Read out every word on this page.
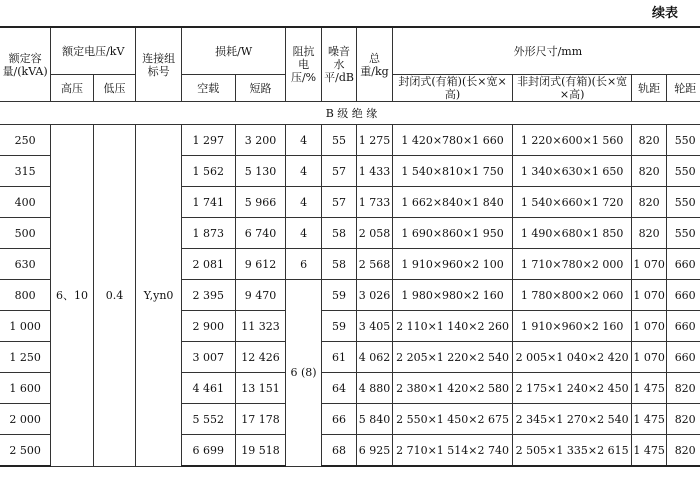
续表
额定容量/(kVA)	额定电压/kV		连接组标号	损耗/W		阻抗电压/%	噪音水平/dB	总重/kg	外形尺寸/mm			
	高压	低压		空载	短路				封闭式(有箱)(长×宽×高)	非封闭式(有箱)(长×宽×高)	轨距	轮距
B 级 绝 缘												
250	6、10	0.4	Y,yn0	1 297	3 200	4	55	1 275	1 420×780×1 660	1 220×600×1 560	820	550
315				1 562	5 130	4	57	1 433	1 540×810×1 750	1 340×630×1 650	820	550
400				1 741	5 966	4	57	1 733	1 662×840×1 840	1 540×660×1 720	820	550
500				1 873	6 740	4	58	2 058	1 690×860×1 950	1 490×680×1 850	820	550
630				2 081	9 612	6	58	2 568	1 910×960×2 100	1 710×780×2 000	1 070	660
800				2 395	9 470	6 (8)	59	3 026	1 980×980×2 160	1 780×800×2 060	1 070	660
1 000				2 900	11 323		59	3 405	2 110×1 140×2 260	1 910×960×2 160	1 070	660
1 250				3 007	12 426		61	4 062	2 205×1 220×2 540	2 005×1 040×2 420	1 070	660
1 600				4 461	13 151		64	4 880	2 380×1 420×2 580	2 175×1 240×2 450	1 475	820
2 000				5 552	17 178		66	5 840	2 550×1 450×2 675	2 345×1 270×2 540	1 475	820
2 500				6 699	19 518		68	6 925	2 710×1 514×2 740	2 505×1 335×2 615	1 475	820
